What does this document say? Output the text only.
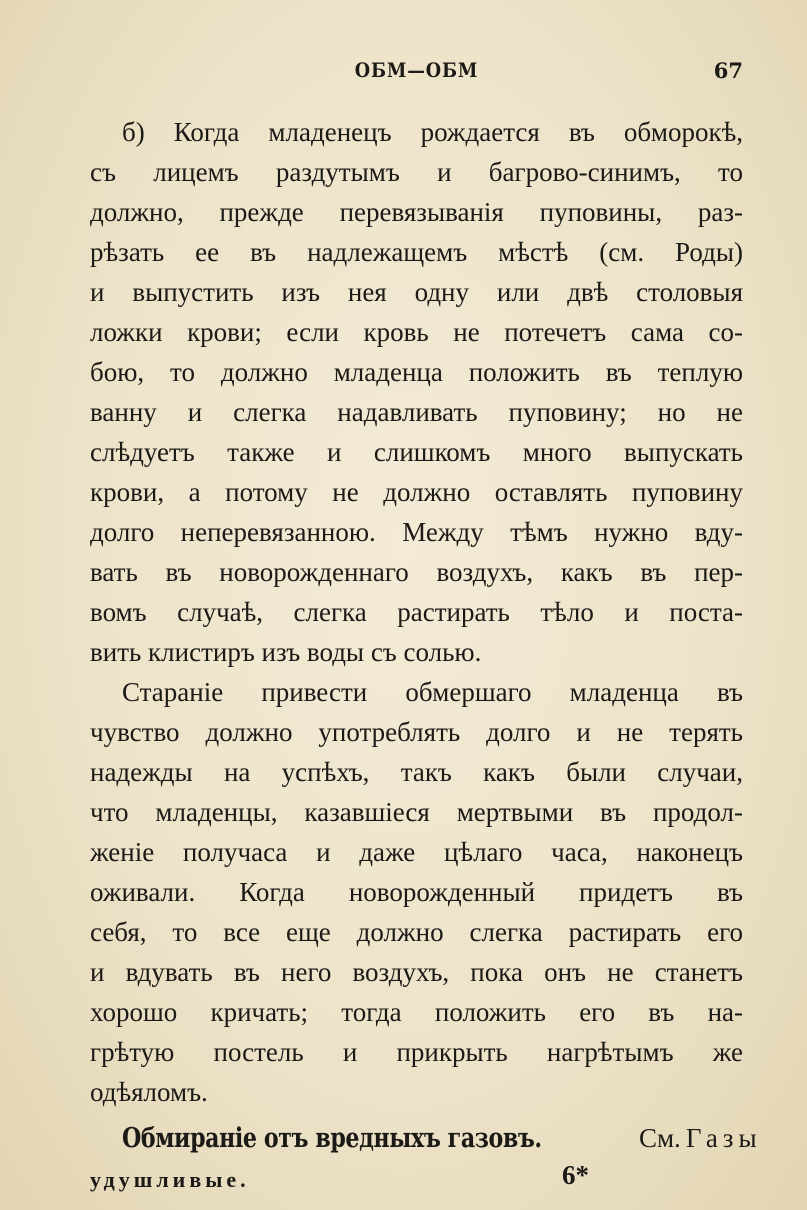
ОБМ—ОБМ	67
б) Когда младенецъ рождается въ обморокѣ,
съ лицемъ раздутымъ и багрово-синимъ, то
должно, прежде перевязыванія пуповины, раз-
рѣзать ее въ надлежащемъ мѣстѣ (см. Роды)
и выпустить изъ нея одну или двѣ столовыя
ложки крови; если кровь не потечетъ сама со-
бою, то должно младенца положить въ теплую
ванну и слегка надавливать пуповину; но не
слѣдуетъ также и слишкомъ много выпускать
крови, а потому не должно оставлять пуповину
долго неперевязанною. Между тѣмъ нужно вду-
вать въ новорожденнаго воздухъ, какъ въ пер-
вомъ случаѣ, слегка растирать тѣло и поста-
вить клистиръ изъ воды съ солью.
Стараніе привести обмершаго младенца въ
чувство должно употреблять долго и не терять
надежды на успѣхъ, такъ какъ были случаи,
что младенцы, казавшіеся мертвыми въ продол-
женіе получаса и даже цѣлаго часа, наконецъ
оживали. Когда новорожденный придетъ въ
себя, то все еще должно слегка растирать его
и вдувать въ него воздухъ, пока онъ не станетъ
хорошо кричать; тогда положить его въ на-
грѣтую постель и прикрыть нагрѣтымъ же
одѣяломъ.
Обмираніе отъ вредныхъ газовъ.	См. Газы
удушливые.	6*
